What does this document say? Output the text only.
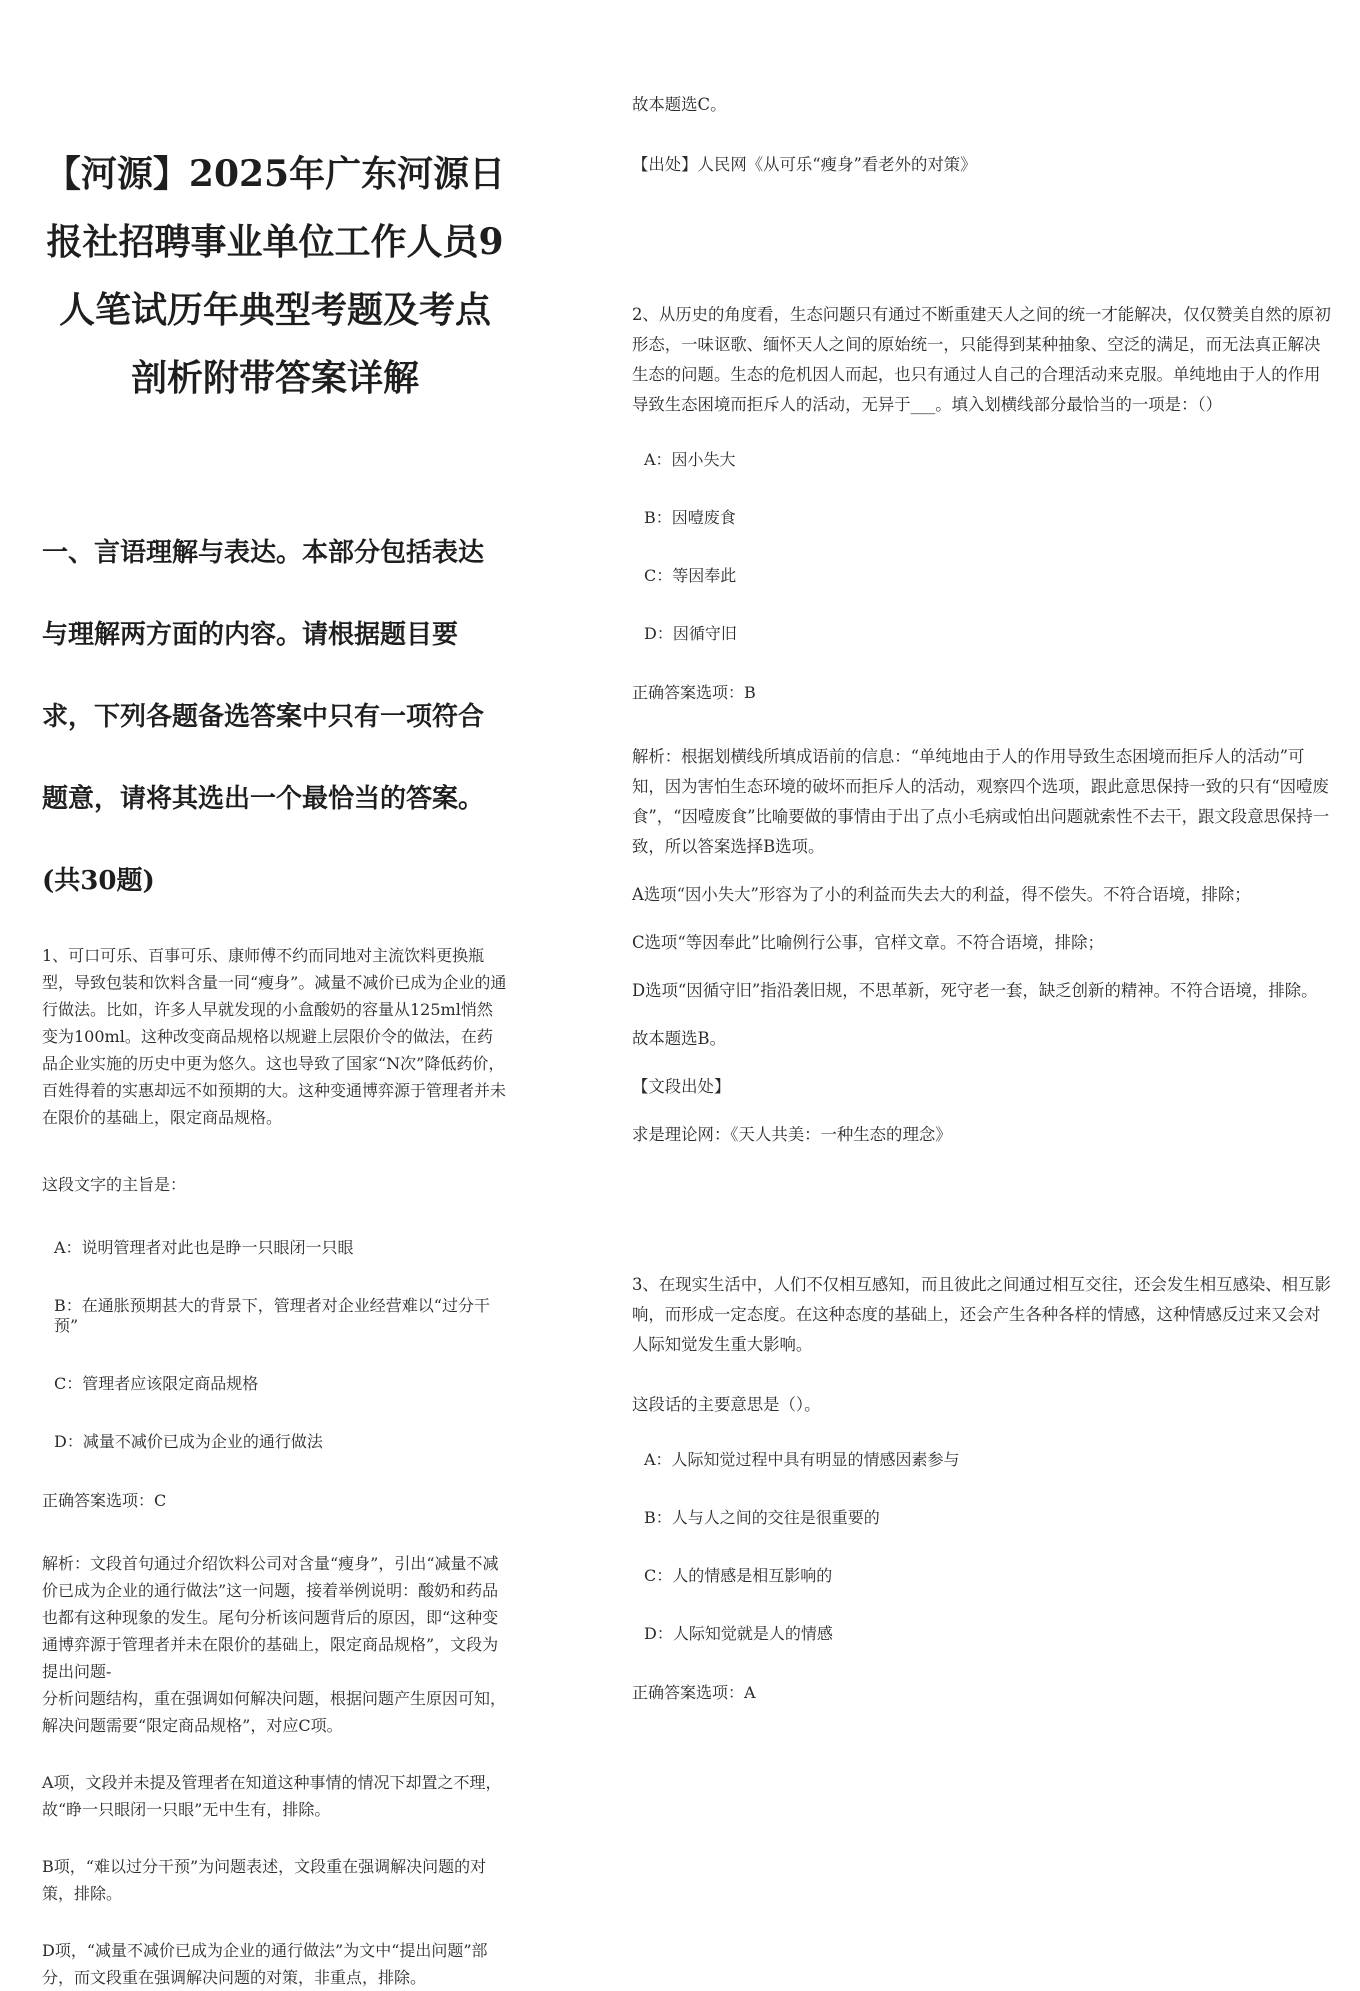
【河源】2025年广东河源日报社招聘事业单位工作人员9人笔试历年典型考题及考点剖析附带答案详解
一、言语理解与表达。本部分包括表达与理解两方面的内容。请根据题目要求，下列各题备选答案中只有一项符合题意，请将其选出一个最恰当的答案。(共30题)

1、可口可乐、百事可乐、康师傅不约而同地对主流饮料更换瓶型，导致包装和饮料含量一同“瘦身”。减量不减价已成为企业的通行做法。比如，许多人早就发现的小盒酸奶的容量从125ml悄然变为100ml。这种改变商品规格以规避上层限价令的做法，在药品企业实施的历史中更为悠久。这也导致了国家“N次”降低药价，百姓得着的实惠却远不如预期的大。这种变通博弈源于管理者并未在限价的基础上，限定商品规格。

这段文字的主旨是：

A：说明管理者对此也是睁一只眼闭一只眼

B：在通胀预期甚大的背景下，管理者对企业经营难以“过分干预”

C：管理者应该限定商品规格

D：减量不减价已成为企业的通行做法

正确答案选项：C

解析：文段首句通过介绍饮料公司对含量“瘦身”，引出“减量不减价已成为企业的通行做法”这一问题，接着举例说明：酸奶和药品也都有这种现象的发生。尾句分析该问题背后的原因，即“这种变通博弈源于管理者并未在限价的基础上，限定商品规格”，文段为提出问题-

分析问题结构，重在强调如何解决问题，根据问题产生原因可知，解决问题需要“限定商品规格”，对应C项。

A项，文段并未提及管理者在知道这种事情的情况下却置之不理，故“睁一只眼闭一只眼”无中生有，排除。

B项，“难以过分干预”为问题表述，文段重在强调解决问题的对策，排除。

D项，“减量不减价已成为企业的通行做法”为文中“提出问题”部分，而文段重在强调解决问题的对策，非重点，排除。

故本题选C。

【出处】人民网《从可乐“瘦身”看老外的对策》

2、从历史的角度看，生态问题只有通过不断重建天人之间的统一才能解决，仅仅赞美自然的原初形态，一味讴歌、缅怀天人之间的原始统一，只能得到某种抽象、空泛的满足，而无法真正解决生态的问题。生态的危机因人而起，也只有通过人自己的合理活动来克服。单纯地由于人的作用导致生态困境而拒斥人的活动，无异于___。填入划横线部分最恰当的一项是：（）

A：因小失大

B：因噎废食

C：等因奉此

D：因循守旧

正确答案选项：B

解析：根据划横线所填成语前的信息：“单纯地由于人的作用导致生态困境而拒斥人的活动”可知，因为害怕生态环境的破坏而拒斥人的活动，观察四个选项，跟此意思保持一致的只有“因噎废食”，“因噎废食”比喻要做的事情由于出了点小毛病或怕出问题就索性不去干，跟文段意思保持一致，所以答案选择B选项。

A选项“因小失大”形容为了小的利益而失去大的利益，得不偿失。不符合语境，排除；

C选项“等因奉此”比喻例行公事，官样文章。不符合语境，排除；

D选项“因循守旧”指沿袭旧规，不思革新，死守老一套，缺乏创新的精神。不符合语境，排除。

故本题选B。

【文段出处】

求是理论网：《天人共美：一种生态的理念》

3、在现实生活中，人们不仅相互感知，而且彼此之间通过相互交往，还会发生相互感染、相互影响，而形成一定态度。在这种态度的基础上，还会产生各种各样的情感，这种情感反过来又会对人际知觉发生重大影响。

这段话的主要意思是（）。

A：人际知觉过程中具有明显的情感因素参与

B：人与人之间的交往是很重要的

C：人的情感是相互影响的

D：人际知觉就是人的情感

正确答案选项：A
